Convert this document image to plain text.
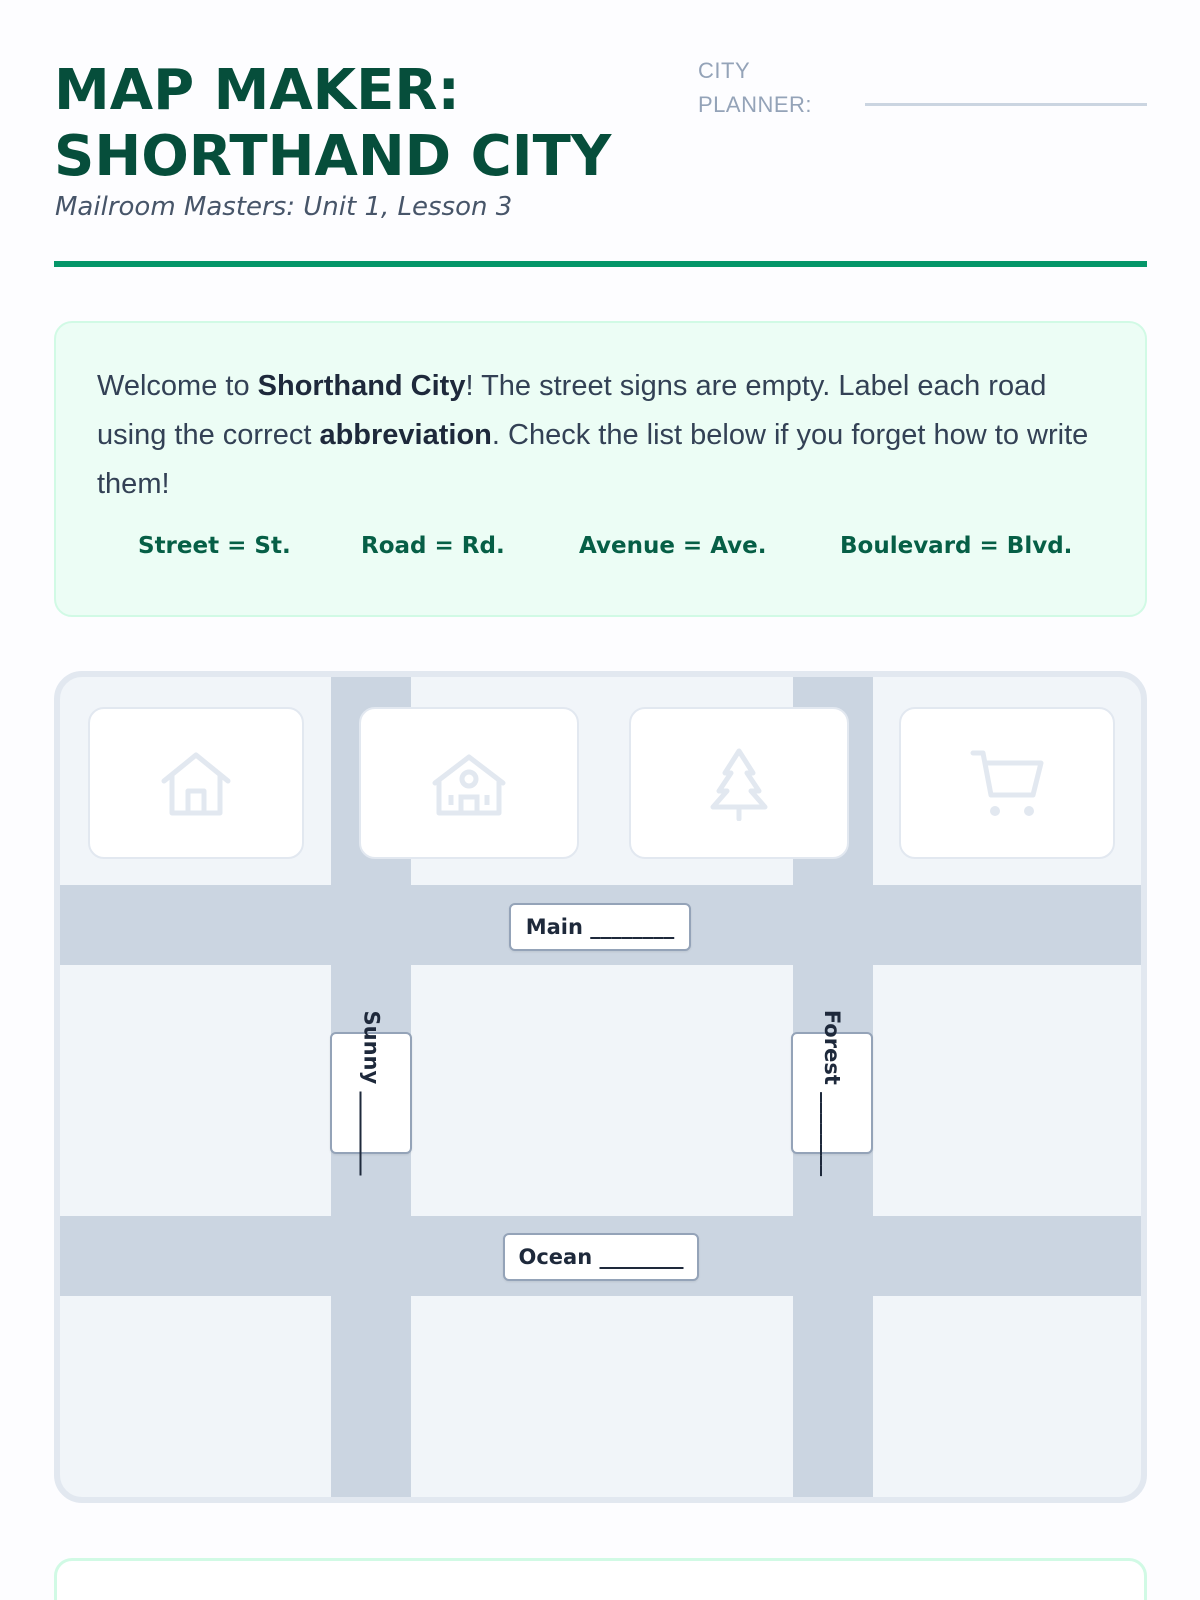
MAP MAKER:
SHORTHAND CITY
Mailroom Masters: Unit 1, Lesson 3
CITY
PLANNER:
Welcome to Shorthand City! The street signs are empty. Label each road using the correct abbreviation. Check the list below if you forget how to write them!
Street = St.	Road = Rd.	Avenue = Ave.	Boulevard = Blvd.
Main ________
Ocean ________
Sunny ________	Forest ________
